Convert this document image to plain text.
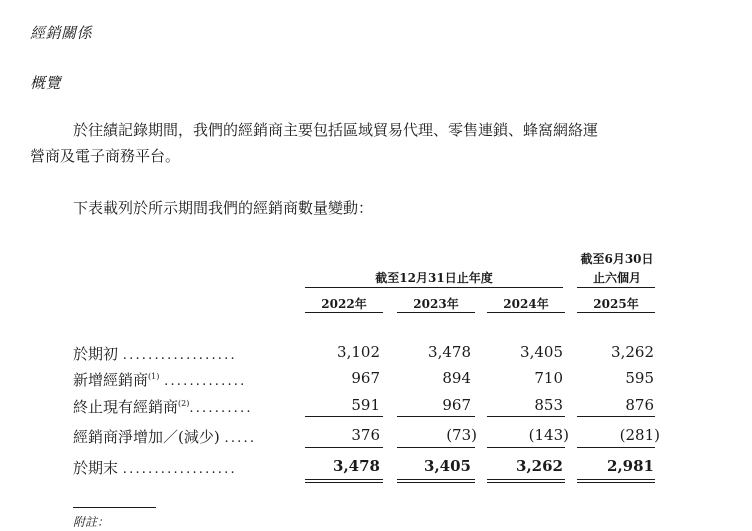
經銷關係
概覽
於往績記錄期間，我們的經銷商主要包括區域貿易代理、零售連鎖、蜂窩網絡運
營商及電子商務平台。
下表載列於所示期間我們的經銷商數量變動：
截至6月30日
截至12月31日止年度	止六個月
2022年	2023年	2024年	2025年
於期初 ..................	3,102	3,478	3,405	3,262
新增經銷商$^{(1)}$ .............	967	894	710	595
終止現有經銷商$^{(2)}$..........	591	967	853	876
經銷商淨增加／(減少) .....	376	(73)	(143)	(281)
於期末 ..................	3,478	3,405	3,262	2,981
附註：
